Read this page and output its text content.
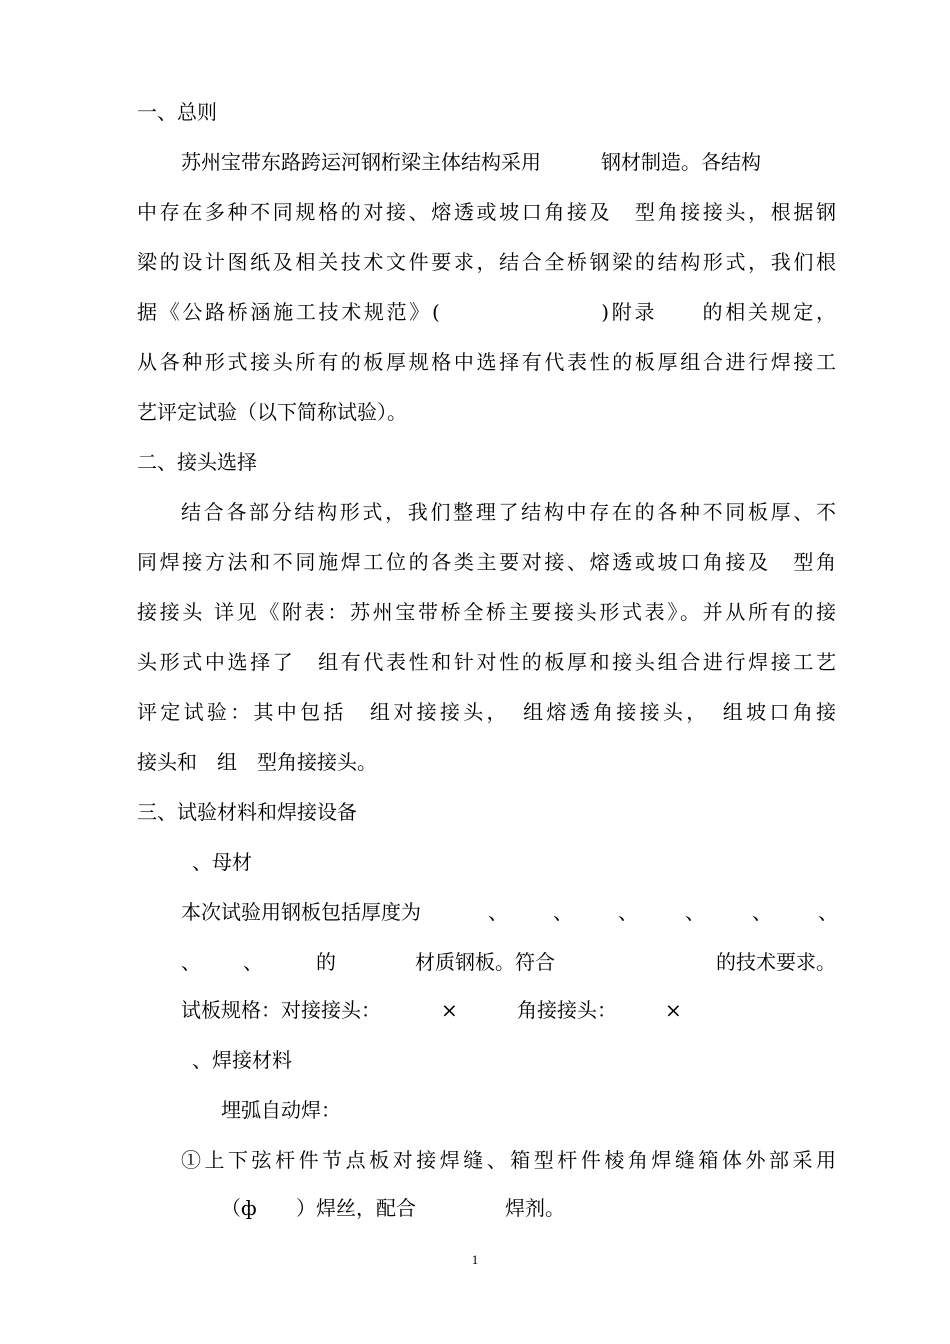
一、总则
苏州宝带东路跨运河钢桁梁主体结构采用　　　钢材制造。各结构
中存在多种不同规格的对接、熔透或坡口角接及　型角接接头，根据钢
梁的设计图纸及相关技术文件要求，结合全桥钢梁的结构形式，我们根
据《公路桥涵施工技术规范》(　　　　　　　)附录　　的相关规定，
从各种形式接头所有的板厚规格中选择有代表性的板厚组合进行焊接工
艺评定试验（以下简称试验）。
二、接头选择
结合各部分结构形式，我们整理了结构中存在的各种不同板厚、不
同焊接方法和不同施焊工位的各类主要对接、熔透或坡口角接及　型角
接接头 详见《附表：苏州宝带桥全桥主要接头形式表》。并从所有的接
头形式中选择了　组有代表性和针对性的板厚和接头组合进行焊接工艺
评定试验：其中包括　组对接接头，　组熔透角接接头，　组坡口角接
接头和　组　型角接接头。
三、试验材料和焊接设备
、母材
本次试验用钢板包括厚度为	、 、 、 、 、 、
、 、	的	材质钢板。符合	的技术要求。
试板规格：对接接头：	×	角接接头： ×
、焊接材料
埋弧自动焊：
①上下弦杆件节点板对接焊缝、箱型杆件棱角焊缝箱体外部采用
（ф ）焊丝，配合	焊剂。
1
